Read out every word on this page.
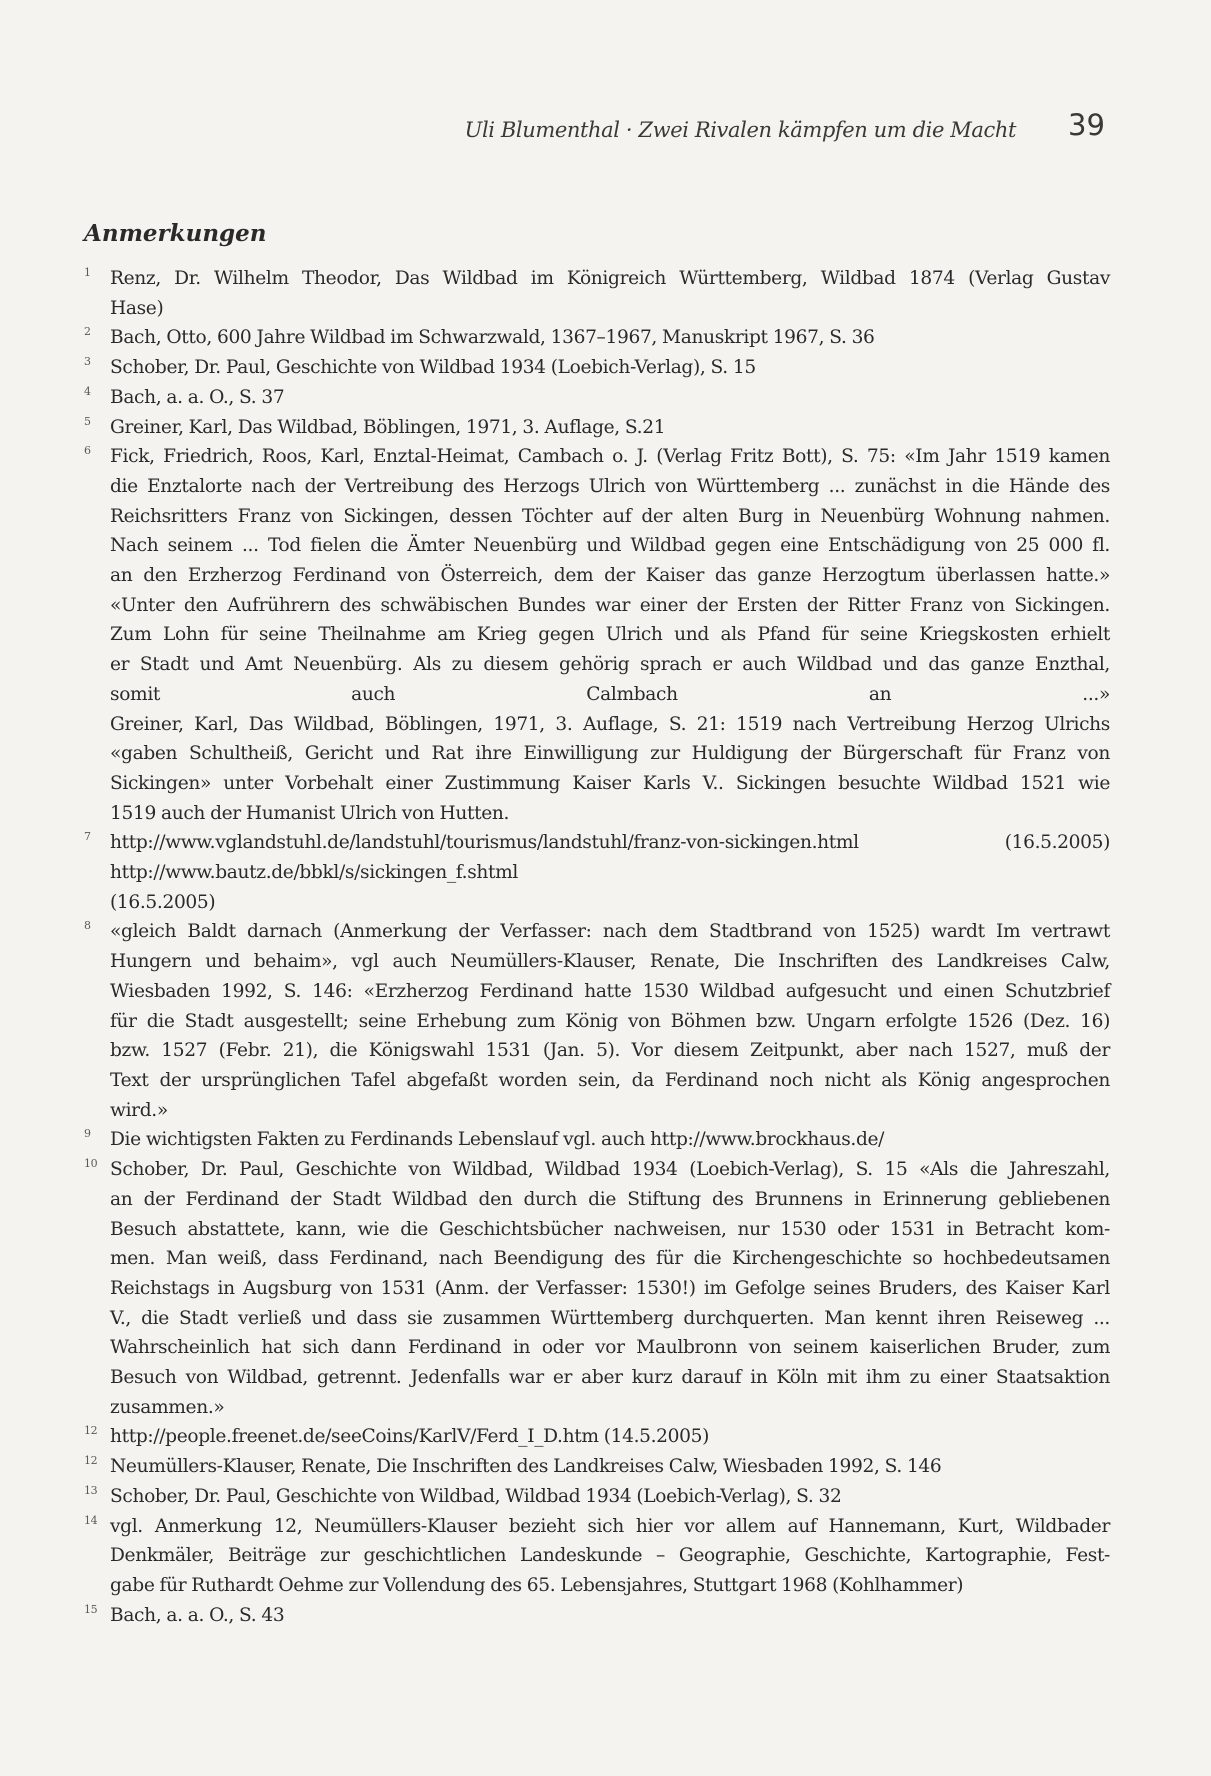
Uli Blumenthal · Zwei Rivalen kämpfen um die Macht 39
Anmerkungen
1	Renz, Dr. Wilhelm Theodor, Das Wildbad im Königreich Württemberg, Wildbad 1874 (Verlag Gustav
Hase)
2	Bach, Otto, 600 Jahre Wildbad im Schwarzwald, 1367–1967, Manuskript 1967, S. 36
3	Schober, Dr. Paul, Geschichte von Wildbad 1934 (Loebich-Verlag), S. 15
4	Bach, a. a. O., S. 37
5	Greiner, Karl, Das Wildbad, Böblingen, 1971, 3. Auflage, S.21
6	Fick, Friedrich, Roos, Karl, Enztal-Heimat, Cambach o. J. (Verlag Fritz Bott), S. 75: «Im Jahr 1519 kamen
die Enztalorte nach der Vertreibung des Herzogs Ulrich von Württemberg ... zunächst in die Hände des
Reichsritters Franz von Sickingen, dessen Töchter auf der alten Burg in Neuenbürg Wohnung nahmen.
Nach seinem ... Tod fielen die Ämter Neuenbürg und Wildbad gegen eine Entschädigung von 25 000 fl.
an den Erzherzog Ferdinand von Österreich, dem der Kaiser das ganze Herzogtum überlassen hatte.»
«Unter den Aufrührern des schwäbischen Bundes war einer der Ersten der Ritter Franz von Sickingen.
Zum Lohn für seine Theilnahme am Krieg gegen Ulrich und als Pfand für seine Kriegskosten erhielt
er Stadt und Amt Neuenbürg. Als zu diesem gehörig sprach er auch Wildbad und das ganze Enzthal,
somit auch Calmbach an ...»
Greiner, Karl, Das Wildbad, Böblingen, 1971, 3. Auflage, S. 21: 1519 nach Vertreibung Herzog Ulrichs
«gaben Schultheiß, Gericht und Rat ihre Einwilligung zur Huldigung der Bürgerschaft für Franz von
Sickingen» unter Vorbehalt einer Zustimmung Kaiser Karls V.. Sickingen besuchte Wildbad 1521 wie
1519 auch der Humanist Ulrich von Hutten.
7	http://www.vglandstuhl.de/landstuhl/tourismus/landstuhl/franz-von-sickingen.html (16.5.2005)
http://www.bautz.de/bbkl/s/sickingen_f.shtml
(16.5.2005)
8	«gleich Baldt darnach (Anmerkung der Verfasser: nach dem Stadtbrand von 1525) wardt Im vertrawt
Hungern und behaim», vgl auch Neumüllers-Klauser, Renate, Die Inschriften des Landkreises Calw,
Wiesbaden 1992, S. 146: «Erzherzog Ferdinand hatte 1530 Wildbad aufgesucht und einen Schutzbrief
für die Stadt ausgestellt; seine Erhebung zum König von Böhmen bzw. Ungarn erfolgte 1526 (Dez. 16)
bzw. 1527 (Febr. 21), die Königswahl 1531 (Jan. 5). Vor diesem Zeitpunkt, aber nach 1527, muß der
Text der ursprünglichen Tafel abgefaßt worden sein, da Ferdinand noch nicht als König angesprochen
wird.»
9	Die wichtigsten Fakten zu Ferdinands Lebenslauf vgl. auch http://www.brockhaus.de/
10 Schober, Dr. Paul, Geschichte von Wildbad, Wildbad 1934 (Loebich-Verlag), S. 15 «Als die Jahreszahl,
an der Ferdinand der Stadt Wildbad den durch die Stiftung des Brunnens in Erinnerung gebliebenen
Besuch abstattete, kann, wie die Geschichtsbücher nachweisen, nur 1530 oder 1531 in Betracht kom-
men. Man weiß, dass Ferdinand, nach Beendigung des für die Kirchengeschichte so hochbedeutsamen
Reichstags in Augsburg von 1531 (Anm. der Verfasser: 1530!) im Gefolge seines Bruders, des Kaiser Karl
V., die Stadt verließ und dass sie zusammen Württemberg durchquerten. Man kennt ihren Reiseweg ...
Wahrscheinlich hat sich dann Ferdinand in oder vor Maulbronn von seinem kaiserlichen Bruder, zum
Besuch von Wildbad, getrennt. Jedenfalls war er aber kurz darauf in Köln mit ihm zu einer Staatsaktion
zusammen.»
12 http://people.freenet.de/seeCoins/KarlV/Ferd_I_D.htm (14.5.2005)
12 Neumüllers-Klauser, Renate, Die Inschriften des Landkreises Calw, Wiesbaden 1992, S. 146
13 Schober, Dr. Paul, Geschichte von Wildbad, Wildbad 1934 (Loebich-Verlag), S. 32
14 vgl. Anmerkung 12, Neumüllers-Klauser bezieht sich hier vor allem auf Hannemann, Kurt, Wildbader
Denkmäler, Beiträge zur geschichtlichen Landeskunde – Geographie, Geschichte, Kartographie, Fest-
gabe für Ruthardt Oehme zur Vollendung des 65. Lebensjahres, Stuttgart 1968 (Kohlhammer)
15 Bach, a. a. O., S. 43
